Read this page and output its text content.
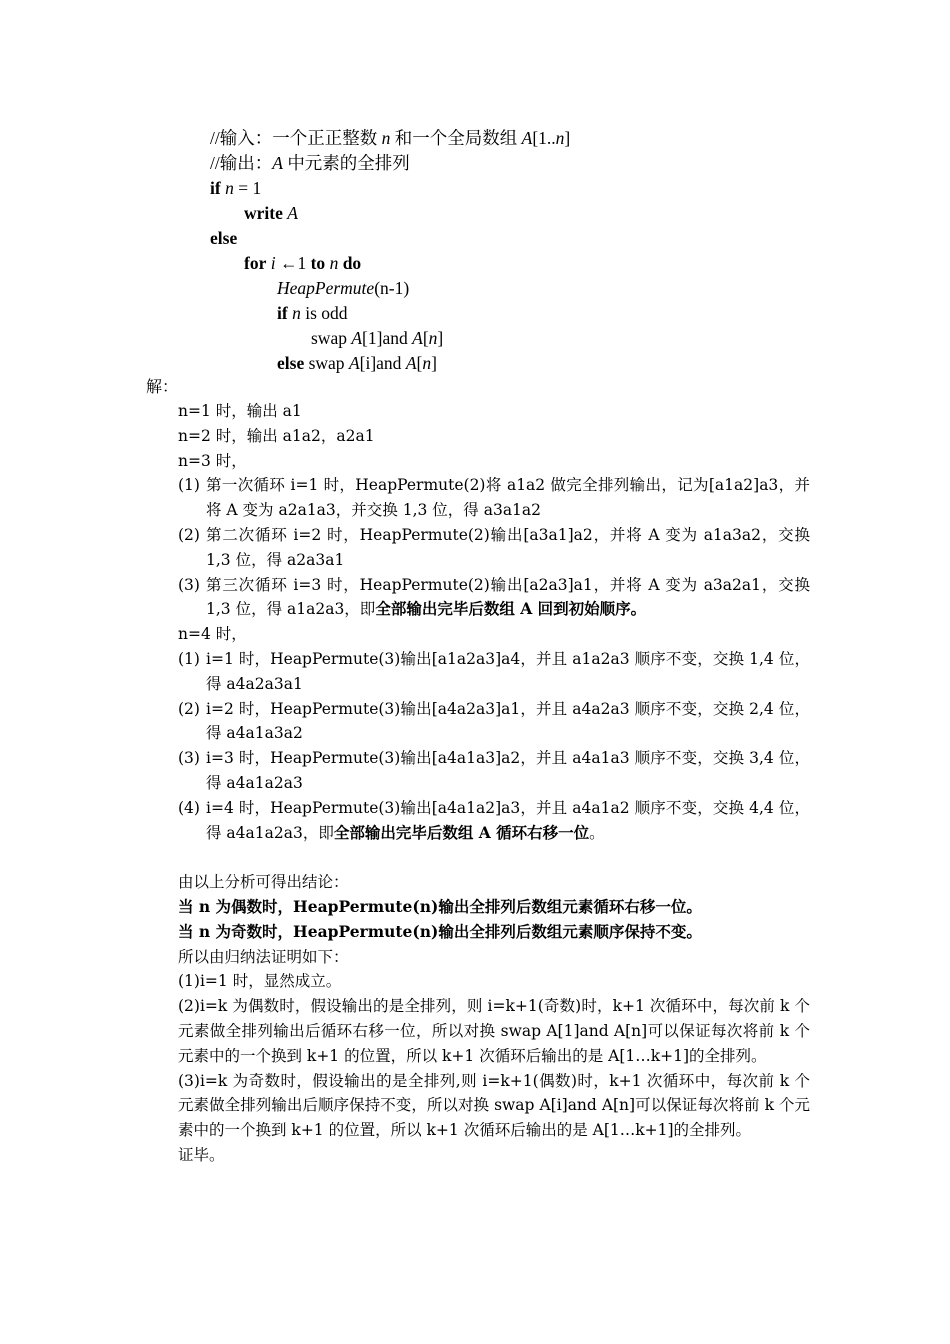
//输入：一个正正整数 n 和一个全局数组 A[1..n]
//输出：A 中元素的全排列
if n = 1
write A
else
for i ←1 to n do
HeapPermute(n-1)
if n is odd
swap A[1]and A[n]
else swap A[i]and A[n]
解：
n=1 时，输出 a1
n=2 时，输出 a1a2，a2a1
n=3 时，
(1) 第一次循环 i=1 时，HeapPermute(2)将 a1a2 做完全排列输出，记为[a1a2]a3，并将 A 变为 a2a1a3，并交换 1,3 位，得 a3a1a2
(2) 第二次循环 i=2 时，HeapPermute(2)输出[a3a1]a2，并将 A 变为 a1a3a2，交换 1,3 位，得 a2a3a1
(3) 第三次循环 i=3 时，HeapPermute(2)输出[a2a3]a1，并将 A 变为 a3a2a1，交换 1,3 位，得 a1a2a3，即全部输出完毕后数组 A 回到初始顺序。
n=4 时，
(1) i=1 时，HeapPermute(3)输出[a1a2a3]a4，并且 a1a2a3 顺序不变，交换 1,4 位，得 a4a2a3a1
(2) i=2 时，HeapPermute(3)输出[a4a2a3]a1，并且 a4a2a3 顺序不变，交换 2,4 位，得 a4a1a3a2
(3) i=3 时，HeapPermute(3)输出[a4a1a3]a2，并且 a4a1a3 顺序不变，交换 3,4 位，得 a4a1a2a3
(4) i=4 时，HeapPermute(3)输出[a4a1a2]a3，并且 a4a1a2 顺序不变，交换 4,4 位，得 a4a1a2a3，即全部输出完毕后数组 A 循环右移一位。
由以上分析可得出结论：
当 n 为偶数时，HeapPermute(n)输出全排列后数组元素循环右移一位。
当 n 为奇数时，HeapPermute(n)输出全排列后数组元素顺序保持不变。
所以由归纳法证明如下：
(1)i=1 时，显然成立。
(2)i=k 为偶数时，假设输出的是全排列，则 i=k+1(奇数)时，k+1 次循环中，每次前 k 个元素做全排列输出后循环右移一位，所以对换 swap A[1]and A[n]可以保证每次将前 k 个元素中的一个换到 k+1 的位置，所以 k+1 次循环后输出的是 A[1…k+1]的全排列。
(3)i=k 为奇数时，假设输出的是全排列,则 i=k+1(偶数)时，k+1 次循环中，每次前 k 个元素做全排列输出后顺序保持不变，所以对换 swap A[i]and A[n]可以保证每次将前 k 个元素中的一个换到 k+1 的位置，所以 k+1 次循环后输出的是 A[1…k+1]的全排列。
证毕。
